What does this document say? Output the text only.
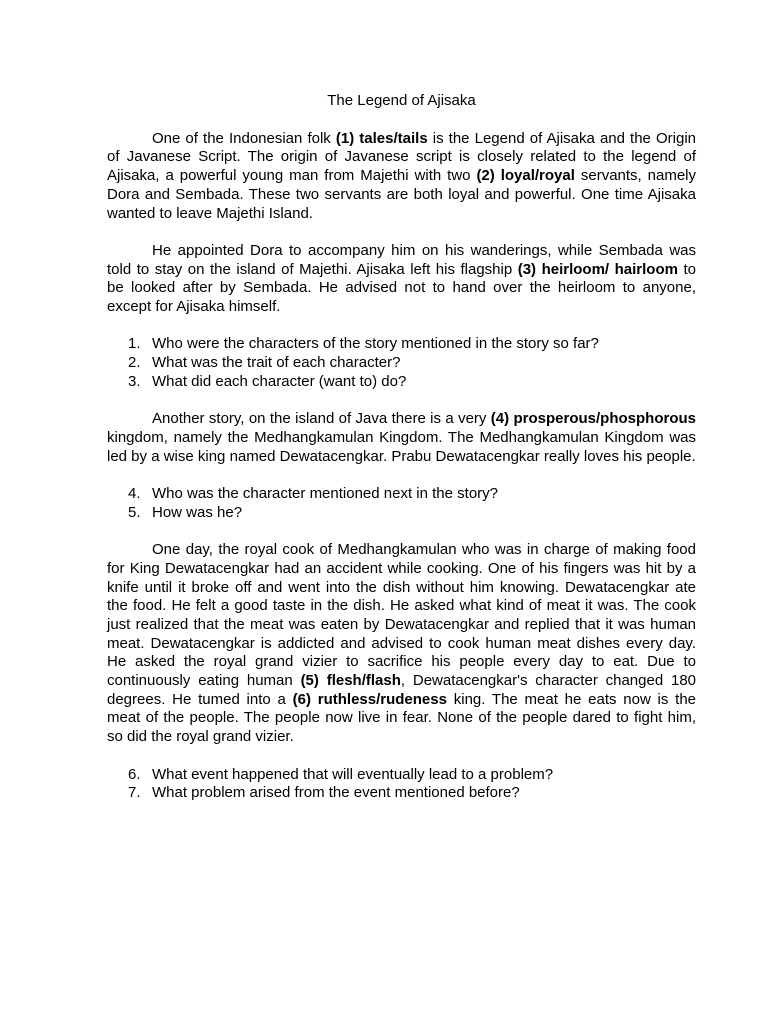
The Legend of Ajisaka

One of the Indonesian folk (1) tales/tails is the Legend of Ajisaka and the Origin of Javanese Script. The origin of Javanese script is closely related to the legend of Ajisaka, a powerful young man from Majethi with two (2) loyal/royal servants, namely Dora and Sembada. These two servants are both loyal and powerful. One time Ajisaka wanted to leave Majethi Island.

He appointed Dora to accompany him on his wanderings, while Sembada was told to stay on the island of Majethi. Ajisaka left his flagship (3) heirloom/ hairloom to be looked after by Sembada. He advised not to hand over the heirloom to anyone, except for Ajisaka himself.

1. Who were the characters of the story mentioned in the story so far?
2. What was the trait of each character?
3. What did each character (want to) do?

Another story, on the island of Java there is a very (4) prosperous/phosphorous kingdom, namely the Medhangkamulan Kingdom. The Medhangkamulan Kingdom was led by a wise king named Dewatacengkar. Prabu Dewatacengkar really loves his people.

4. Who was the character mentioned next in the story?
5. How was he?

One day, the royal cook of Medhangkamulan who was in charge of making food for King Dewatacengkar had an accident while cooking. One of his fingers was hit by a knife until it broke off and went into the dish without him knowing. Dewatacengkar ate the food. He felt a good taste in the dish. He asked what kind of meat it was. The cook just realized that the meat was eaten by Dewatacengkar and replied that it was human meat. Dewatacengkar is addicted and advised to cook human meat dishes every day. He asked the royal grand vizier to sacrifice his people every day to eat. Due to continuously eating human (5) flesh/flash, Dewatacengkar's character changed 180 degrees. He tumed into a (6) ruthless/rudeness king. The meat he eats now is the meat of the people. The people now live in fear. None of the people dared to fight him, so did the royal grand vizier.

6. What event happened that will eventually lead to a problem?
7. What problem arised from the event mentioned before?
